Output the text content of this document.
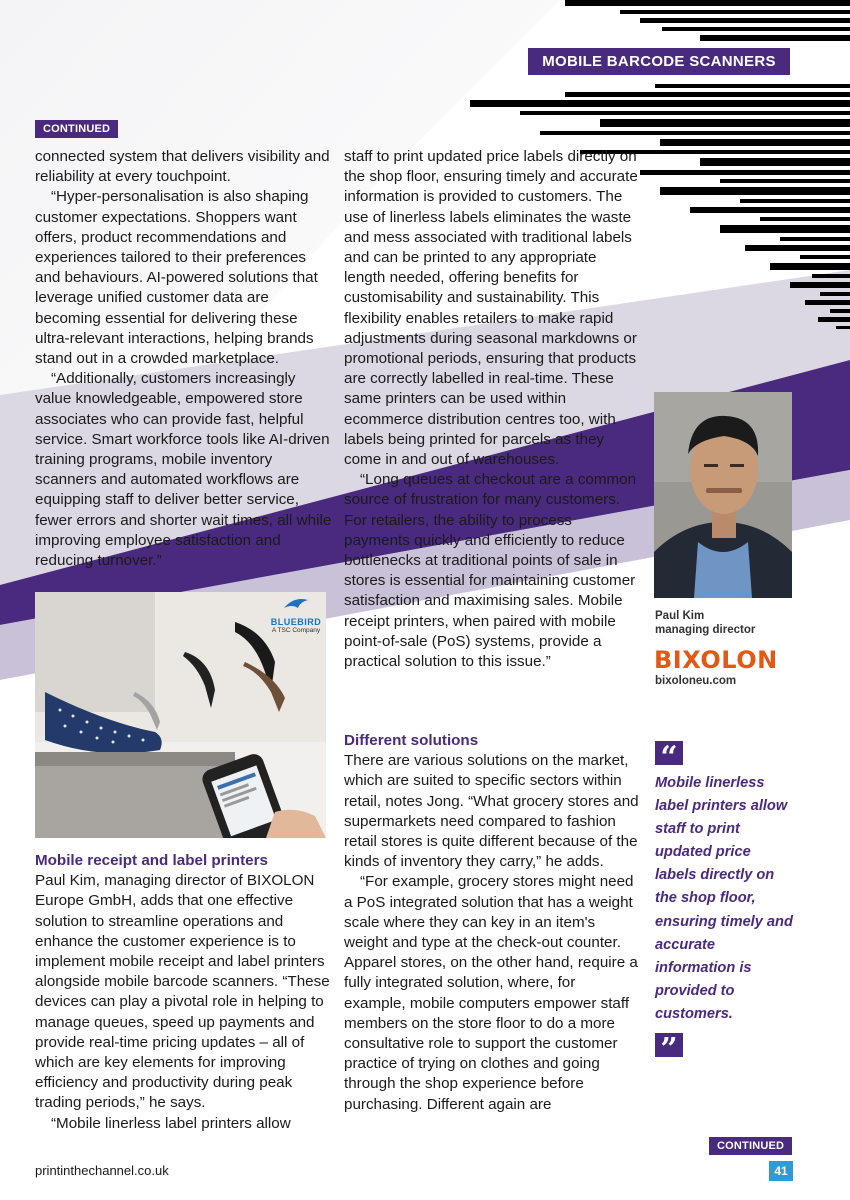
MOBILE BARCODE SCANNERS
CONTINUED

connected system that delivers visibility and reliability at every touchpoint.

“Hyper-personalisation is also shaping customer expectations. Shoppers want offers, product recommendations and experiences tailored to their preferences and behaviours. AI-powered solutions that leverage unified customer data are becoming essential for delivering these ultra-relevant interactions, helping brands stand out in a crowded marketplace.

“Additionally, customers increasingly value knowledgeable, empowered store associates who can provide fast, helpful service. Smart workforce tools like AI-driven training programs, mobile inventory scanners and automated workflows are equipping staff to deliver better service, fewer errors and shorter wait times, all while improving employee satisfaction and reducing turnover.”

BLUEBIRD
A TSC Company
Mobile receipt and label printers

Paul Kim, managing director of BIXOLON Europe GmbH, adds that one effective solution to streamline operations and enhance the customer experience is to implement mobile receipt and label printers alongside mobile barcode scanners. “These devices can play a pivotal role in helping to manage queues, speed up payments and provide real-time pricing updates – all of which are key elements for improving efficiency and productivity during peak trading periods,” he says.

“Mobile linerless label printers allow

staff to print updated price labels directly on the shop floor, ensuring timely and accurate information is provided to customers. The use of linerless labels eliminates the waste and mess associated with traditional labels and can be printed to any appropriate length needed, offering benefits for customisability and sustainability. This flexibility enables retailers to make rapid adjustments during seasonal markdowns or promotional periods, ensuring that products are correctly labelled in real-time. These same printers can be used within ecommerce distribution centres too, with labels being printed for parcels as they come in and out of warehouses.

“Long queues at checkout are a common source of frustration for many customers. For retailers, the ability to process payments quickly and efficiently to reduce bottlenecks at traditional points of sale in stores is essential for maintaining customer satisfaction and maximising sales. Mobile receipt printers, when paired with mobile point-of-sale (PoS) systems, provide a practical solution to this issue.”

Different solutions

There are various solutions on the market, which are suited to specific sectors within retail, notes Jong. “What grocery stores and supermarkets need compared to fashion retail stores is quite different because of the kinds of inventory they carry,” he adds.

“For example, grocery stores might need a PoS integrated solution that has a weight scale where they can key in an item's weight and type at the check-out counter. Apparel stores, on the other hand, require a fully integrated solution, where, for example, mobile computers empower staff members on the store floor to do a more consultative role to support the customer practice of trying on clothes and going through the shop experience before purchasing. Different again are

Paul Kim
managing director
BIXOLON
bixoloneu.com
“
Mobile linerless label printers allow staff to print updated price labels directly on the shop floor, ensuring timely and accurate information is provided to customers.
”
CONTINUED
printinthechannel.co.uk	41
